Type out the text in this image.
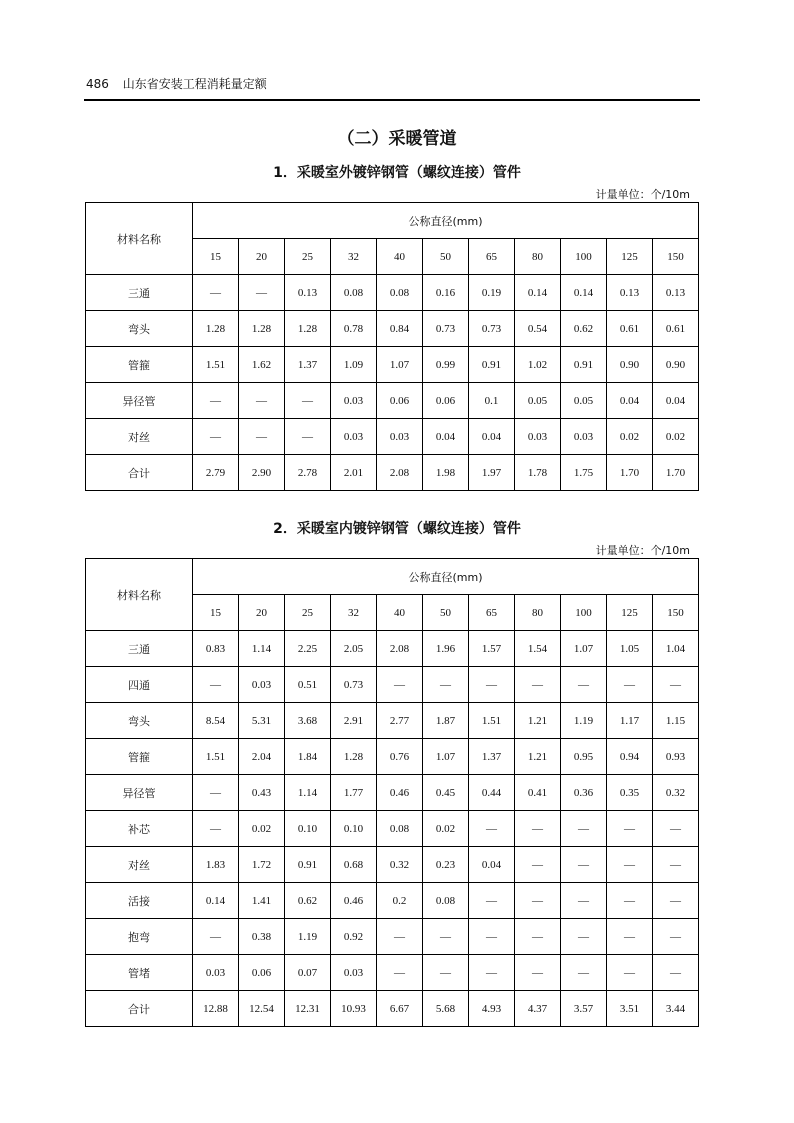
486 山东省安装工程消耗量定额
（二）采暖管道
1．采暖室外镀锌钢管（螺纹连接）管件
计量单位：个/10m
材料名称	公称直径(mm)										
	15	20	25	32	40	50	65	80	100	125	150
三通	—	—	0.13	0.08	0.08	0.16	0.19	0.14	0.14	0.13	0.13
弯头	1.28	1.28	1.28	0.78	0.84	0.73	0.73	0.54	0.62	0.61	0.61
管箍	1.51	1.62	1.37	1.09	1.07	0.99	0.91	1.02	0.91	0.90	0.90
异径管	—	—	—	0.03	0.06	0.06	0.1	0.05	0.05	0.04	0.04
对丝	—	—	—	0.03	0.03	0.04	0.04	0.03	0.03	0.02	0.02
合计	2.79	2.90	2.78	2.01	2.08	1.98	1.97	1.78	1.75	1.70	1.70
2．采暖室内镀锌钢管（螺纹连接）管件
计量单位：个/10m
材料名称	公称直径(mm)										
	15	20	25	32	40	50	65	80	100	125	150
三通	0.83	1.14	2.25	2.05	2.08	1.96	1.57	1.54	1.07	1.05	1.04
四通	—	0.03	0.51	0.73	—	—	—	—	—	—	—
弯头	8.54	5.31	3.68	2.91	2.77	1.87	1.51	1.21	1.19	1.17	1.15
管箍	1.51	2.04	1.84	1.28	0.76	1.07	1.37	1.21	0.95	0.94	0.93
异径管	—	0.43	1.14	1.77	0.46	0.45	0.44	0.41	0.36	0.35	0.32
补芯	—	0.02	0.10	0.10	0.08	0.02	—	—	—	—	—
对丝	1.83	1.72	0.91	0.68	0.32	0.23	0.04	—	—	—	—
活接	0.14	1.41	0.62	0.46	0.2	0.08	—	—	—	—	—
抱弯	—	0.38	1.19	0.92	—	—	—	—	—	—	—
管堵	0.03	0.06	0.07	0.03	—	—	—	—	—	—	—
合计	12.88	12.54	12.31	10.93	6.67	5.68	4.93	4.37	3.57	3.51	3.44
